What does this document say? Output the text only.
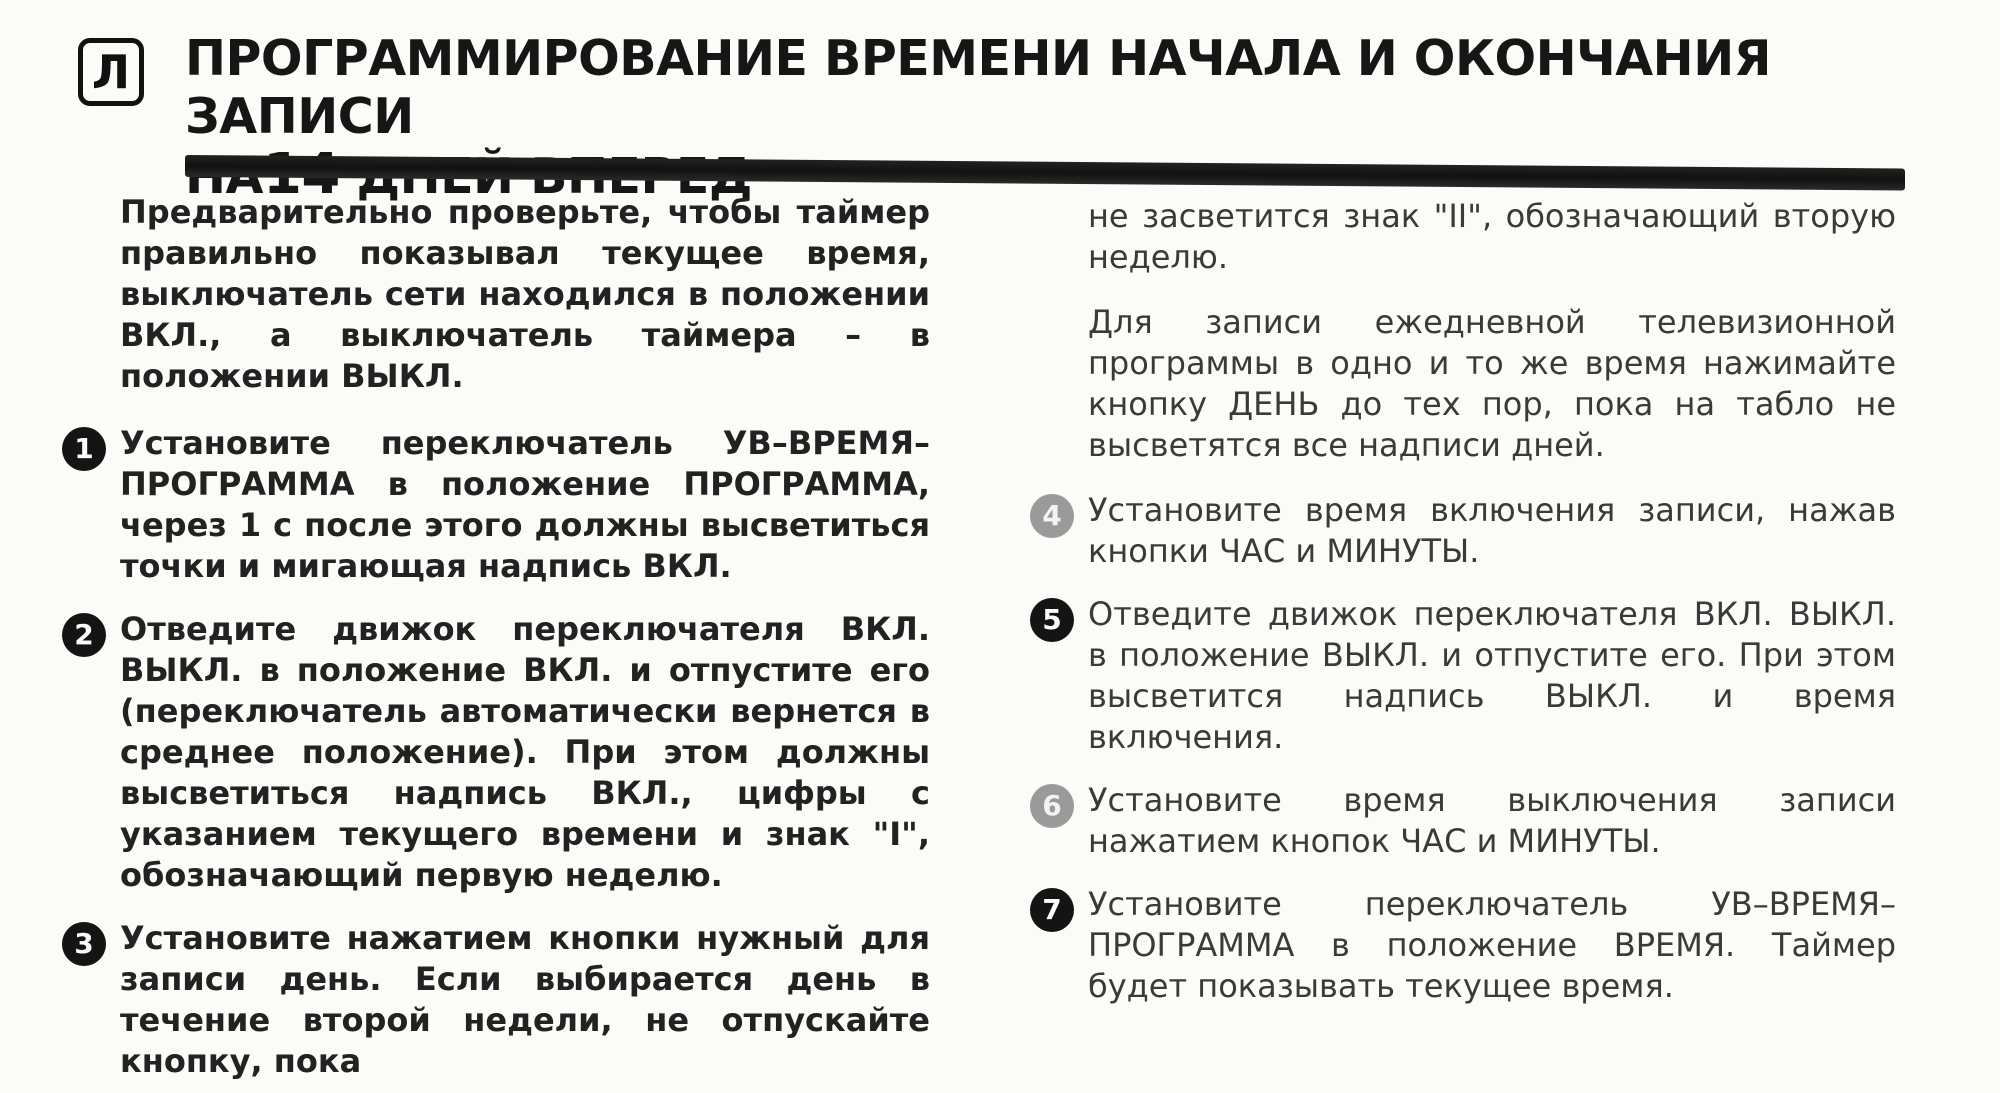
Л ПРОГРАММИРОВАНИЕ ВРЕМЕНИ НАЧАЛА И ОКОНЧАНИЯ ЗАПИСИ

Предварительно проверьте, чтобы таймер правильно показывал текущее время, выключатель сети находился в положении ВКЛ., а выключатель таймера – в положении ВЫКЛ.

1 Установите переключатель УВ–ВРЕМЯ–ПРОГРАММА в положение ПРОГРАММА, через 1 с после этого должны высветиться точки и мигающая надпись ВКЛ.
2 Отведите движок переключателя ВКЛ. ВЫКЛ. в положение ВКЛ. и отпустите его (переключатель автоматически вернется в среднее положение). При этом должны высветиться надпись ВКЛ., цифры с указанием текущего времени и знак "I", обозначающий первую неделю.
3 Установите нажатием кнопки нужный для записи день. Если выбирается день в течение второй недели, не отпускайте кнопку, пока

не засветится знак "II", обозначающий вторую неделю.

Для записи ежедневной телевизионной программы в одно и то же время нажимайте кнопку ДЕНЬ до тех пор, пока на табло не высветятся все надписи дней.

4 Установите время включения записи, нажав кнопки ЧАС и МИНУТЫ.
5 Отведите движок переключателя ВКЛ. ВЫКЛ. в положение ВЫКЛ. и отпустите его. При этом высветится надпись ВЫКЛ. и время включения.
6 Установите время выключения записи нажатием кнопок ЧАС и МИНУТЫ.
7 Установите переключатель УВ–ВРЕМЯ–ПРОГРАММА в положение ВРЕМЯ. Таймер будет показывать текущее время.
